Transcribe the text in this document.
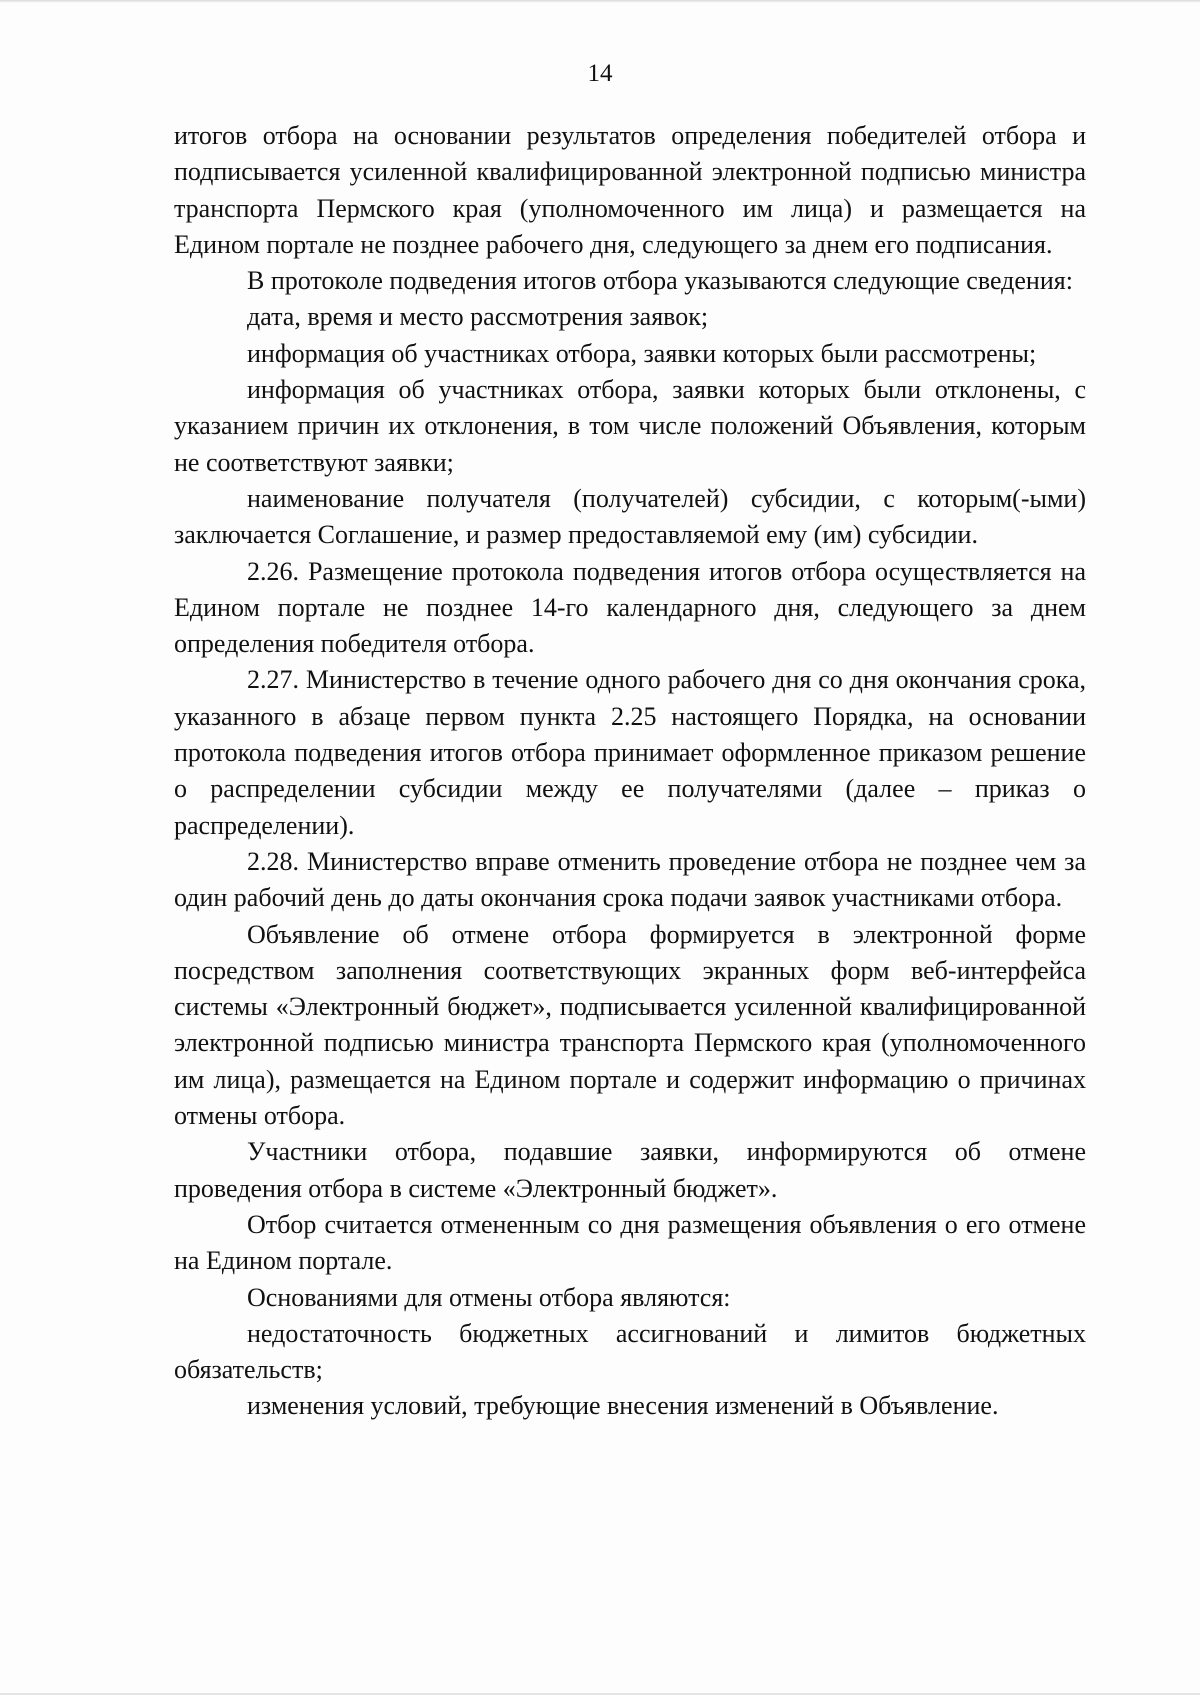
14

итогов отбора на основании результатов определения победителей отбора и подписывается усиленной квалифицированной электронной подписью министра транспорта Пермского края (уполномоченного им лица) и размещается на Едином портале не позднее рабочего дня, следующего за днем его подписания.

В протоколе подведения итогов отбора указываются следующие сведения:

дата, время и место рассмотрения заявок;

информация об участниках отбора, заявки которых были рассмотрены;

информация об участниках отбора, заявки которых были отклонены, с указанием причин их отклонения, в том числе положений Объявления, которым не соответствуют заявки;

наименование получателя (получателей) субсидии, с которым(-ыми) заключается Соглашение, и размер предоставляемой ему (им) субсидии.

2.26. Размещение протокола подведения итогов отбора осуществляется на Едином портале не позднее 14-го календарного дня, следующего за днем определения победителя отбора.

2.27. Министерство в течение одного рабочего дня со дня окончания срока, указанного в абзаце первом пункта 2.25 настоящего Порядка, на основании протокола подведения итогов отбора принимает оформленное приказом решение о распределении субсидии между ее получателями (далее – приказ о распределении).

2.28. Министерство вправе отменить проведение отбора не позднее чем за один рабочий день до даты окончания срока подачи заявок участниками отбора.

Объявление об отмене отбора формируется в электронной форме посредством заполнения соответствующих экранных форм веб-интерфейса системы «Электронный бюджет», подписывается усиленной квалифицированной электронной подписью министра транспорта Пермского края (уполномоченного им лица), размещается на Едином портале и содержит информацию о причинах отмены отбора.

Участники отбора, подавшие заявки, информируются об отмене проведения отбора в системе «Электронный бюджет».

Отбор считается отмененным со дня размещения объявления о его отмене на Едином портале.

Основаниями для отмены отбора являются:

недостаточность бюджетных ассигнований и лимитов бюджетных обязательств;

изменения условий, требующие внесения изменений в Объявление.
